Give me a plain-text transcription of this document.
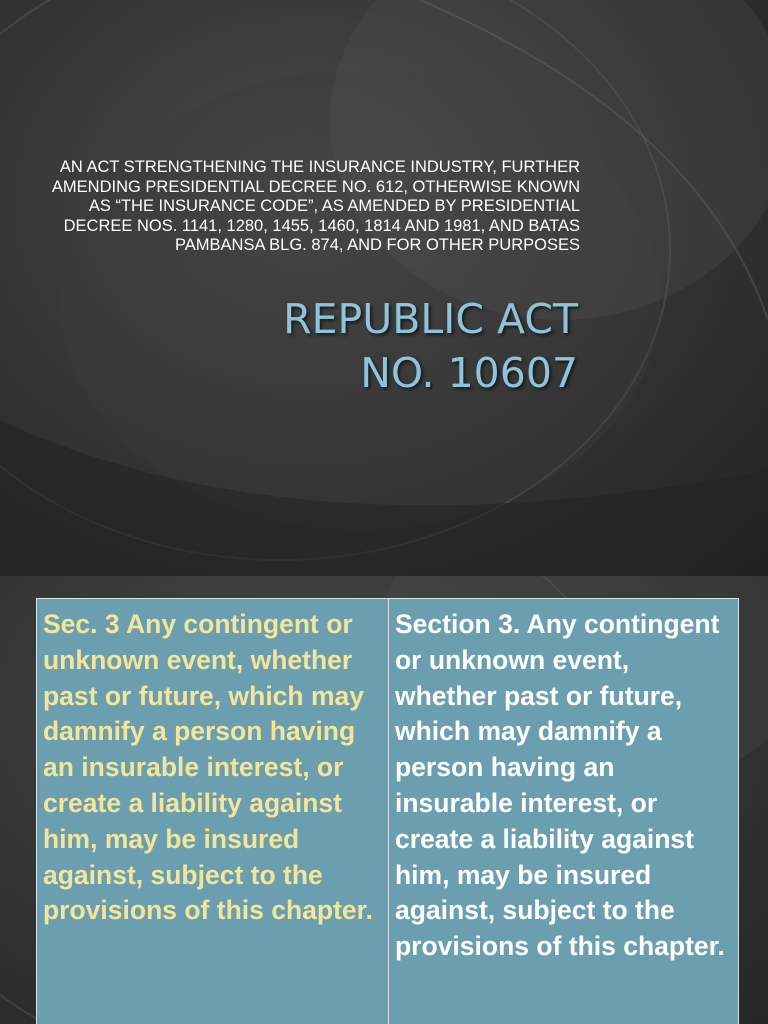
AN ACT STRENGTHENING THE INSURANCE INDUSTRY, FURTHER AMENDING PRESIDENTIAL DECREE NO. 612, OTHERWISE KNOWN AS “THE INSURANCE CODE”, AS AMENDED BY PRESIDENTIAL DECREE NOS. 1141, 1280, 1455, 1460, 1814 AND 1981, AND BATAS PAMBANSA BLG. 874, AND FOR OTHER PURPOSES
REPUBLIC ACT
NO. 10607
Sec. 3 Any contingent or unknown event, whether past or future, which may damnify a person having an insurable interest, or create a liability against him, may be insured against, subject to the provisions of this chapter.
Section 3. Any contingent or unknown event, whether past or future, which may damnify a person having an insurable interest, or create a liability against him, may be insured against, subject to the provisions of this chapter.
